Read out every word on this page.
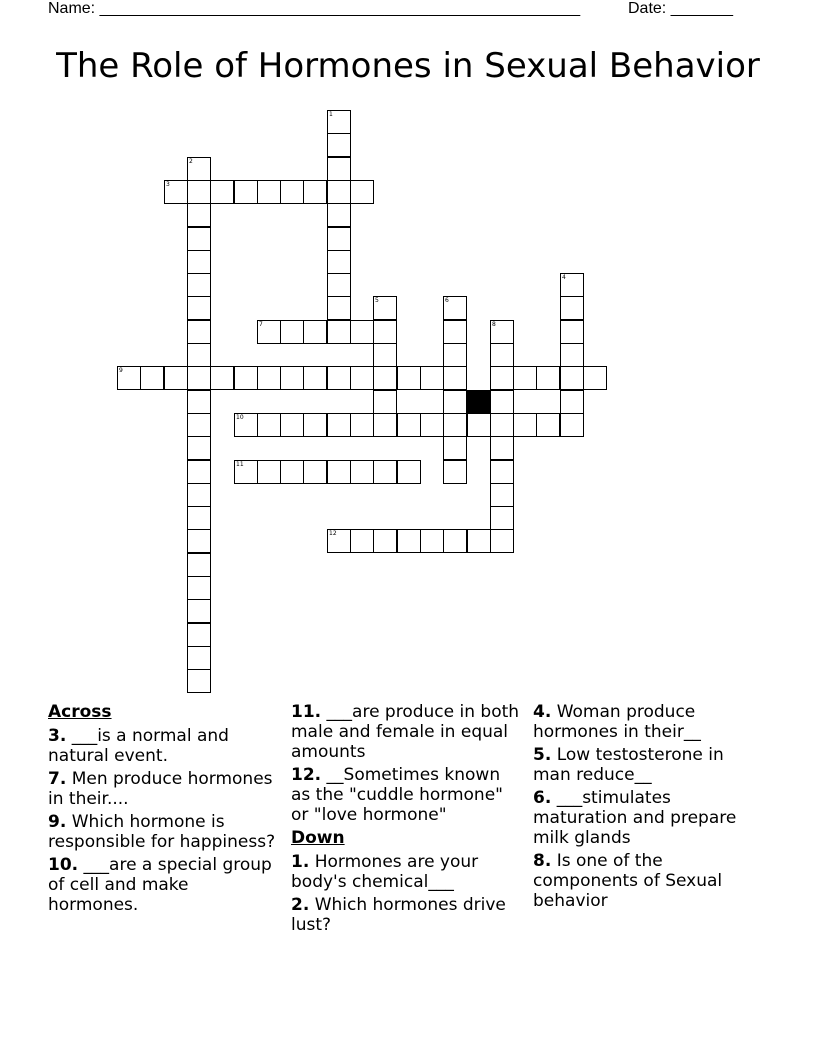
Name: ______________________________________________________	Date: _______
The Role of Hormones in Sexual Behavior
1
2
3
4
5	6
7	8
9
10
11
12
Across
3. ___is a normal and natural event.
7. Men produce hormones in their....
9. Which hormone is responsible for happiness?
10. ___are a special group of cell and make hormones.
11. ___are produce in both male and female in equal amounts
12. __Sometimes known as the "cuddle hormone" or "love hormone"
Down
1. Hormones are your body's chemical___
2. Which hormones drive lust?
4. Woman produce hormones in their__
5. Low testosterone in man reduce__
6. ___stimulates maturation and prepare milk glands
8. Is one of the components of Sexual behavior
